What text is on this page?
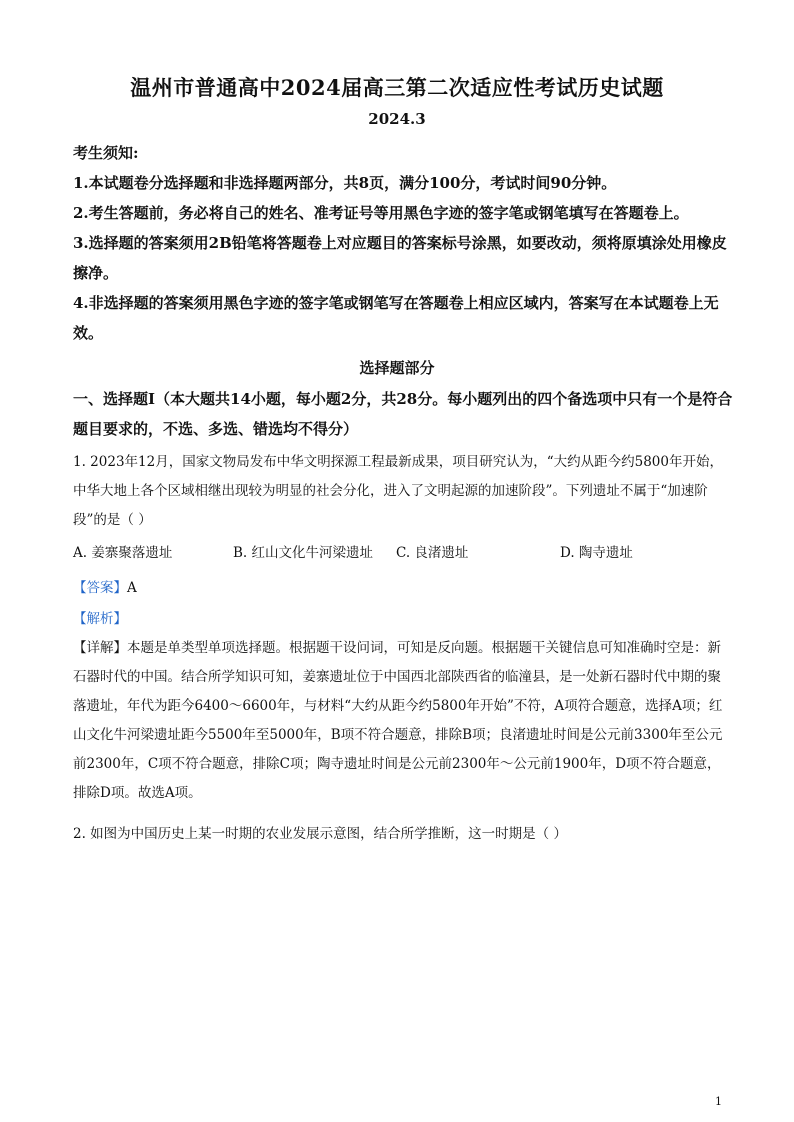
温州市普通高中2024届高三第二次适应性考试历史试题
2024.3

考生须知:

1.本试题卷分选择题和非选择题两部分，共8页，满分100分，考试时间90分钟。

2.考生答题前，务必将自己的姓名、准考证号等用黑色字迹的签字笔或钢笔填写在答题卷上。

3.选择题的答案须用2B铅笔将答题卷上对应题目的答案标号涂黑，如要改动，须将原填涂处用橡皮擦净。

4.非选择题的答案须用黑色字迹的签字笔或钢笔写在答题卷上相应区域内，答案写在本试题卷上无效。

选择题部分
一、选择题Ⅰ（本大题共14小题，每小题2分，共28分。每小题列出的四个备选项中只有一个是符合题目要求的，不选、多选、错选均不得分）

1. 2023年12月，国家文物局发布中华文明探源工程最新成果，项目研究认为，“大约从距今约5800年开始，中华大地上各个区域相继出现较为明显的社会分化，进入了文明起源的加速阶段”。下列遗址不属于“加速阶段”的是（ ）

A. 姜寨聚落遗址	B. 红山文化牛河梁遗址 C. 良渚遗址	D. 陶寺遗址
【答案】A
【解析】

【详解】本题是单类型单项选择题。根据题干设问词，可知是反向题。根据题干关键信息可知准确时空是：新石器时代的中国。结合所学知识可知，姜寨遗址位于中国西北部陕西省的临潼县，是一处新石器时代中期的聚落遗址，年代为距今6400～6600年，与材料“大约从距今约5800年开始”不符，A项符合题意，选择A项；红山文化牛河梁遗址距今5500年至5000年，B项不符合题意，排除B项；良渚遗址时间是公元前3300年至公元前2300年，C项不符合题意，排除C项；陶寺遗址时间是公元前2300年～公元前1900年，D项不符合题意，排除D项。故选A项。

2. 如图为中国历史上某一时期的农业发展示意图，结合所学推断，这一时期是（ ）

1
